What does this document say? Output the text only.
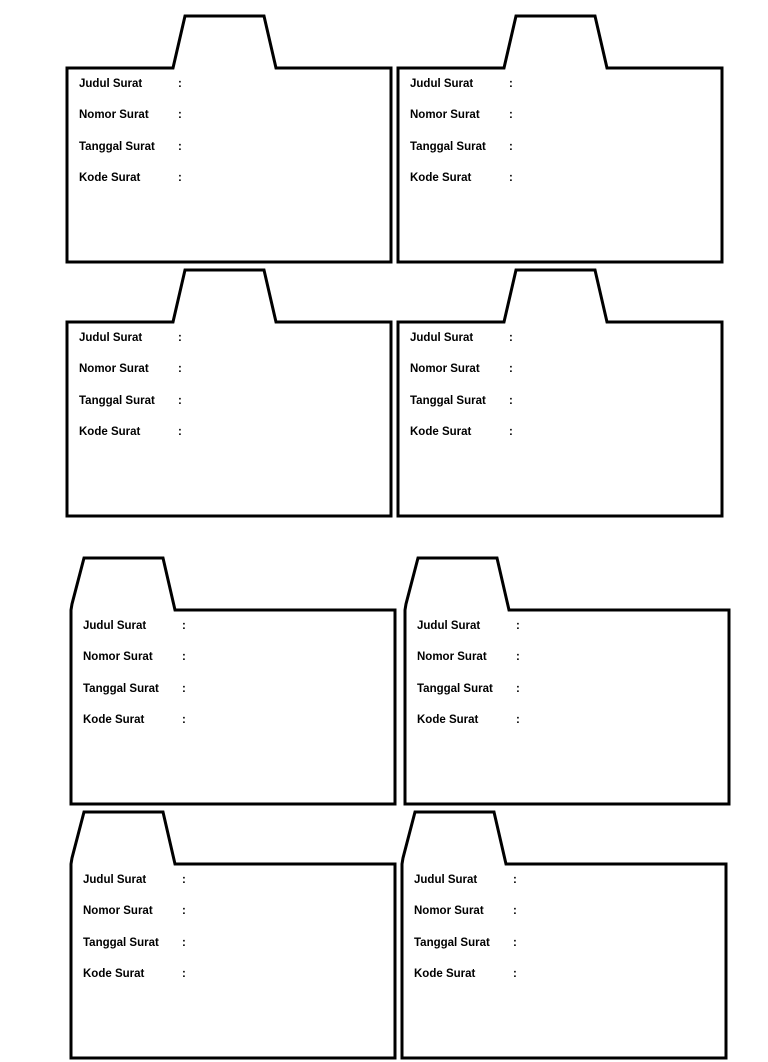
Judul Surat	:
Nomor Surat	:
Tanggal Surat :
Kode Surat	:
Judul Surat	:
Nomor Surat	:
Tanggal Surat :
Kode Surat	:
Judul Surat	:
Nomor Surat	:
Tanggal Surat :
Kode Surat	:
Judul Surat	:
Nomor Surat	:
Tanggal Surat :
Kode Surat	:
Judul Surat	:
Nomor Surat	:
Tanggal Surat :
Kode Surat	:
Judul Surat	:
Nomor Surat	:
Tanggal Surat :
Kode Surat	:
Judul Surat	:
Nomor Surat	:
Tanggal Surat :
Kode Surat	:
Judul Surat	:
Nomor Surat	:
Tanggal Surat :
Kode Surat	:
